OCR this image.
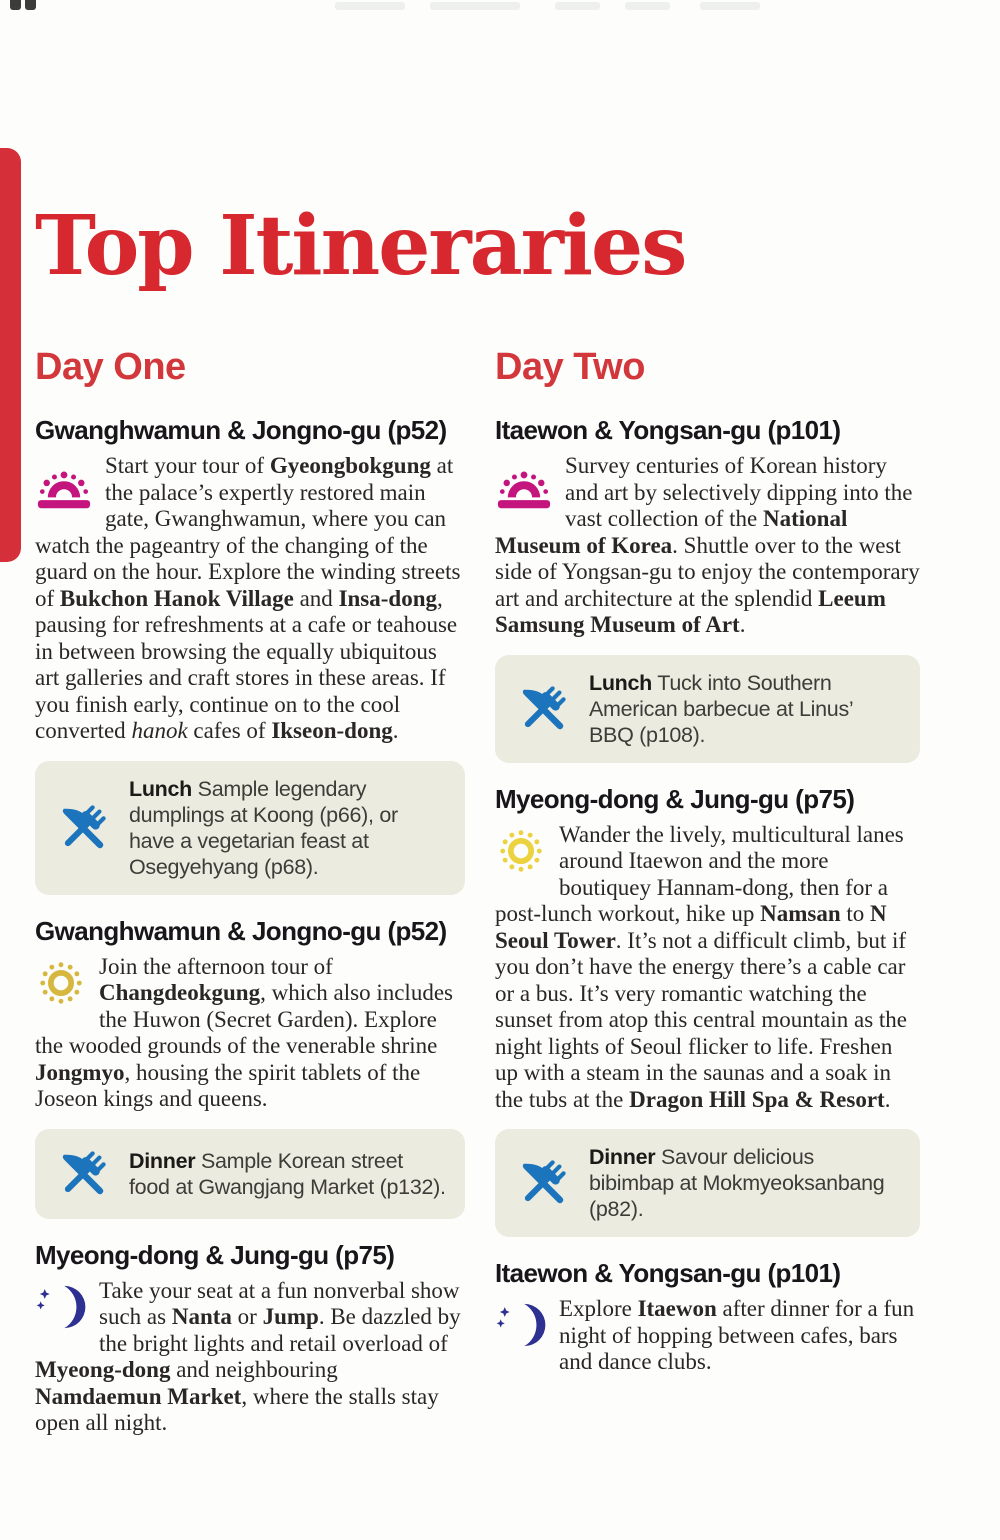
Top Itineraries
Day One
Gwanghwamun & Jongno-gu (p52)

Start your tour of Gyeongbokgung at the palace’s expertly restored main gate, Gwanghwamun, where you can watch the pageantry of the changing of the guard on the hour. Explore the winding streets of Bukchon Hanok Village and Insa-dong, pausing for refreshments at a cafe or teahouse in between browsing the equally ubiquitous art galleries and craft stores in these areas. If you finish early, continue on to the cool converted hanok cafes of Ikseon-dong.

Lunch Sample legendary dumplings at Koong (p66), or have a vegetarian feast at Osegyehyang (p68).
Gwanghwamun & Jongno-gu (p52)

Join the afternoon tour of Changdeokgung, which also includes the Huwon (Secret Garden). Explore the wooded grounds of the venerable shrine Jongmyo, housing the spirit tablets of the Joseon kings and queens.

Dinner Sample Korean street food at Gwangjang Market (p132).
Myeong-dong & Jung-gu (p75)

Take your seat at a fun nonverbal show such as Nanta or Jump. Be dazzled by the bright lights and retail overload of Myeong-dong and neighbouring Namdaemun Market, where the stalls stay open all night.

Day Two
Itaewon & Yongsan-gu (p101)

Survey centuries of Korean history and art by selectively dipping into the vast collection of the National Museum of Korea. Shuttle over to the west side of Yongsan-gu to enjoy the contemporary art and architecture at the splendid Leeum Samsung Museum of Art.

Lunch Tuck into Southern American barbecue at Linus’ BBQ (p108).
Myeong-dong & Jung-gu (p75)

Wander the lively, multicultural lanes around Itaewon and the more boutiquey Hannam-dong, then for a post-lunch workout, hike up Namsan to N Seoul Tower. It’s not a difficult climb, but if you don’t have the energy there’s a cable car or a bus. It’s very romantic watching the sunset from atop this central mountain as the night lights of Seoul flicker to life. Freshen up with a steam in the saunas and a soak in the tubs at the Dragon Hill Spa & Resort.

Dinner Savour delicious bibimbap at Mokmyeoksanbang (p82).
Itaewon & Yongsan-gu (p101)

Explore Itaewon after dinner for a fun night of hopping between cafes, bars and dance clubs.
